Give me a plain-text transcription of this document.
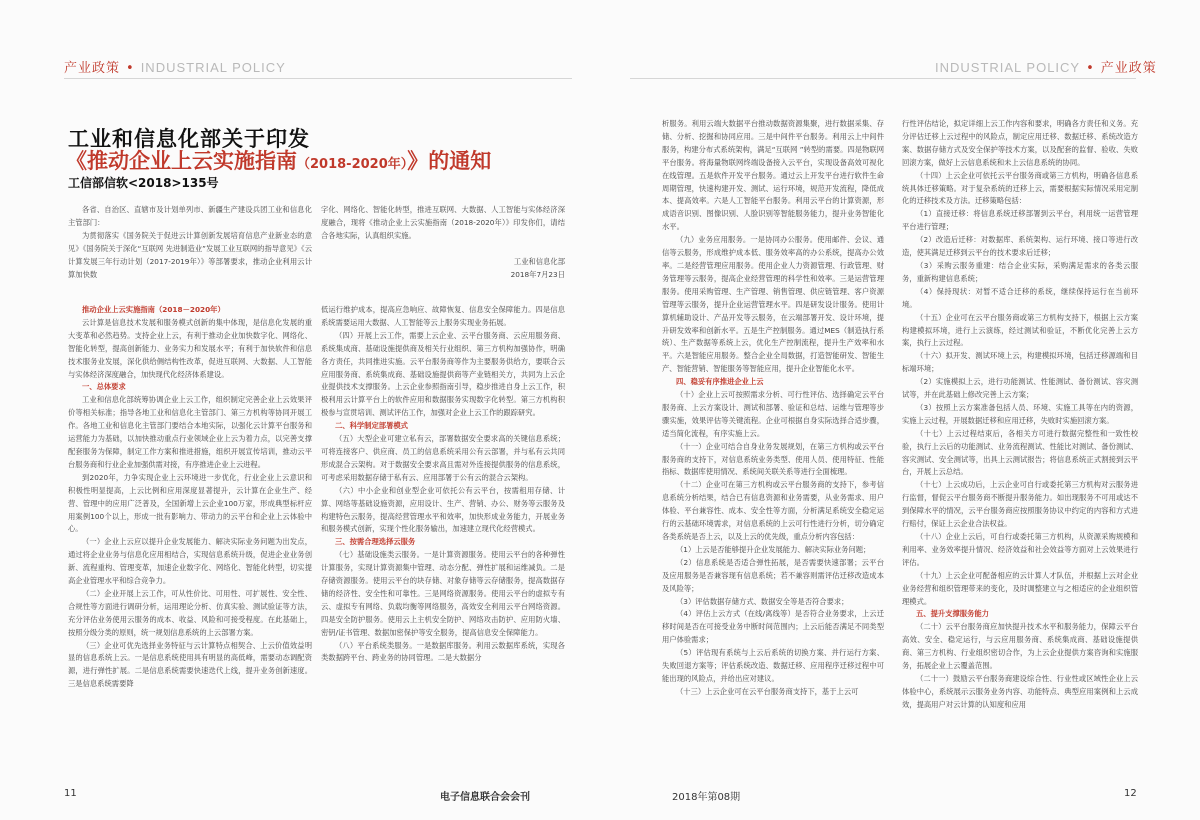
产业政策 • INDUSTRIAL POLICY
工业和信息化部关于印发
《推动企业上云实施指南（2018-2020年）》的通知
工信部信软<2018>135号

各省、自治区、直辖市及计划单列市、新疆生产建设兵团工业和信息化主管部门：

为贯彻落实《国务院关于促进云计算创新发展培育信息产业新业态的意见》《国务院关于深化“互联网 先进制造业”发展工业互联网的指导意见》《云计算发展三年行动计划（2017-2019年）》等部署要求，推动企业利用云计算加快数

字化、网络化、智能化转型，推进互联网、大数据、人工智能与实体经济深度融合，现将《推动企业上云实施指南（2018-2020年）》印发你们，请结合各地实际，认真组织实施。

工业和信息化部

2018年7月23日

推动企业上云实施指南（2018－2020年）

云计算是信息技术发展和服务模式创新的集中体现，是信息化发展的重大变革和必然趋势。支持企业上云，有利于推动企业加快数字化、网络化、智能化转型，提高创新能力、业务实力和发展水平；有利于加快软件和信息技术服务业发展，深化供给侧结构性改革，促进互联网、大数据、人工智能与实体经济深度融合，加快现代化经济体系建设。

一、总体要求

工业和信息化部统筹协调企业上云工作，组织制定完善企业上云效果评价等相关标准；指导各地工业和信息化主管部门、第三方机构等协同开展工作。各地工业和信息化主管部门要结合本地实际，以强化云计算平台服务和运营能力为基础，以加快推动重点行业领域企业上云为着力点，以完善支撑配套服务为保障，制定工作方案和推进措施，组织开展宣传培训，推动云平台服务商和行业企业加强供需对接，有序推进企业上云进程。

到2020年，力争实现企业上云环境进一步优化，行业企业上云意识和积极性明显提高，上云比例和应用深度显著提升，云计算在企业生产、经营、管理中的应用广泛普及，全国新增上云企业100万家，形成典型标杆应用案例100个以上，形成一批有影响力、带动力的云平台和企业上云体验中心。

（一）企业上云应以提升企业发展能力、解决实际业务问题为出发点，通过将企业业务与信息化应用相结合，实现信息系统升级，促进企业业务创新、流程重构、管理变革，加速企业数字化、网络化、智能化转型，切实提高企业管理水平和综合竞争力。

（二）企业开展上云工作，可从性价比、可用性、可扩展性、安全性、合规性等方面进行调研分析，运用理论分析、仿真实验、测试验证等方法，充分评估业务使用云服务的成本、收益、风险和可接受程度。在此基础上，按照分级分类的原则，统一规划信息系统的上云部署方案。

（三）企业可优先选择业务特征与云计算特点相契合、上云价值效益明显的信息系统上云。一是信息系统使用具有明显的高低峰，需要动态调配资源，进行弹性扩展。二是信息系统需要快速迭代上线，提升业务创新速度。三是信息系统需要降

低运行维护成本，提高应急响应、故障恢复、信息安全保障能力。四是信息系统需要运用大数据、人工智能等云上服务实现业务拓展。

（四）开展上云工作，需要上云企业、云平台服务商、云应用服务商、系统集成商、基础设施提供商及相关行业组织、第三方机构加强协作，明确各方责任，共同推进实施。云平台服务商等作为主要服务供给方，要联合云应用服务商、系统集成商、基础设施提供商等产业链相关方，共同为上云企业提供技术支撑服务。上云企业参照指南引导，稳步推进自身上云工作，积极利用云计算平台上的软件应用和数据服务实现数字化转型。第三方机构积极参与宣贯培训、测试评估工作，加强对企业上云工作的跟踪研究。

二、科学制定部署模式

（五）大型企业可建立私有云，部署数据安全要求高的关键信息系统；可将连接客户、供应商、员工的信息系统采用公有云部署，并与私有云共同形成混合云架构。对于数据安全要求高且需对外连接提供服务的信息系统，可考虑采用数据存储于私有云、应用部署于公有云的混合云架构。

（六）中小企业和创业型企业可依托公有云平台，按需租用存储、计算、网络等基础设施资源，应用设计、生产、营销、办公、财务等云服务及构建特色云服务，提高经营管理水平和效率，加快形成业务能力，开展业务和服务模式创新，实现个性化服务输出，加速建立现代化经营模式。

三、按需合理选择云服务

（七）基础设施类云服务。一是计算资源服务。使用云平台的各种弹性计算服务，实现计算资源集中管理、动态分配、弹性扩展和运维减负。二是存储资源服务。使用云平台的块存储、对象存储等云存储服务，提高数据存储的经济性、安全性和可靠性。三是网络资源服务。使用云平台的虚拟专有云、虚拟专有网络、负载均衡等网络服务，高效安全利用云平台网络资源。四是安全防护服务。使用云上主机安全防护、网络攻击防护、应用防火墙、密钥/证书管理、数据加密保护等安全服务，提高信息安全保障能力。

（八）平台系统类服务。一是数据库服务。利用云数据库系统，实现各类数据跨平台、跨业务的协同管理。二是大数据分

11	电子信息联合会会刊
INDUSTRIAL POLICY • 产业政策

析服务。利用云端大数据平台推动数据资源集聚，进行数据采集、存储、分析、挖掘和协同应用。三是中间件平台服务。利用云上中间件服务，构建分布式系统架构，满足“互联网 ”转型的需要。四是物联网平台服务。将海量物联网终端设备接入云平台，实现设备高效可视化在线管理。五是软件开发平台服务。通过云上开发平台进行软件生命周期管理，快速构建开发、测试、运行环境，规范开发流程，降低成本、提高效率。六是人工智能平台服务。利用云平台的计算资源，形成语音识别、图像识别、人脸识别等智能服务能力，提升业务智能化水平。

（九）业务应用服务。一是协同办公服务。使用邮件、会议、通信等云服务，形成维护成本低、服务效率高的办公系统，提高办公效率。二是经营管理应用服务。使用企业人力资源管理、行政管理、财务管理等云服务，提高企业经营管理的科学性和效率。三是运营管理服务。使用采购管理、生产管理、销售管理、供应链管理、客户资源管理等云服务，提升企业运营管理水平。四是研发设计服务。使用计算机辅助设计、产品开发等云服务，在云端部署开发、设计环境，提升研发效率和创新水平。五是生产控制服务。通过MES（制造执行系统）、生产数据等系统上云，优化生产控制流程，提升生产效率和水平。六是智能应用服务。整合企业全局数据，打造智能研发、智能生产、智能营销、智能服务等智能应用，提升企业智能化水平。

四、稳妥有序推进企业上云

（十）企业上云可按照需求分析、可行性评估、选择确定云平台服务商、上云方案设计、测试和部署、验证和总结、运维与管理等步骤实施，效果评估等关键流程。企业可根据自身实际选择合适步骤，适当简化流程，有序实施上云。

（十一）企业可结合自身业务发展规划，在第三方机构或云平台服务商的支持下，对信息系统业务类型、使用人员、使用特征、性能指标、数据库使用情况、系统间关联关系等进行全面梳理。

（十二）企业可在第三方机构或云平台服务商的支持下，参考信息系统分析结果，结合已有信息资源和业务需要，从业务需求、用户体验、平台兼容性、成本、安全性等方面，分析满足系统安全稳定运行的云基础环境需求，对信息系统的上云可行性进行分析，切分确定各类系统是否上云，以及上云的优先级，重点分析内容包括：

（1）上云是否能够提升企业发展能力、解决实际业务问题；

（2）信息系统是否适合弹性拓展，是否需要快速部署；云平台及应用服务是否兼容现有信息系统；若不兼容则需评估迁移改造成本及风险等；

（3）评估数据存储方式、数据安全等是否符合要求；

（4）评估上云方式（在线/离线等）是否符合业务要求，上云迁移时间是否在可接受业务中断时间范围内；上云后能否满足不同类型用户体验需求；

（5）评估现有系统与上云后系统的切换方案、并行运行方案、失败回退方案等；评估系统改造、数据迁移、应用程序迁移过程中可能出现的风险点，并给出应对建议。

（十三）上云企业可在云平台服务商支持下，基于上云可

行性评估结论，拟定详细上云工作内容和要求，明确各方责任和义务。充分评估迁移上云过程中的风险点，制定应用迁移、数据迁移、系统改造方案、数据存储方式及安全保护等技术方案，以及配套的监督、验收、失败回滚方案，做好上云信息系统和未上云信息系统的协同。

（十四）上云企业可依托云平台服务商或第三方机构，明确各信息系统具体迁移策略。对于复杂系统的迁移上云，需要根据实际情况采用定制化的迁移技术及方法。迁移策略包括：

（1）直接迁移：将信息系统迁移部署到云平台，利用统一运营管理平台进行管理；

（2）改造后迁移：对数据库、系统架构、运行环境、接口等进行改造，使其满足迁移到云平台的技术要求后迁移；

（3）采购云服务重建：结合企业实际，采购满足需求的各类云服务，重新构建信息系统；

（4）保持现状：对暂不适合迁移的系统，继续保持运行在当前环境。

（十五）企业可在云平台服务商或第三方机构支持下，根据上云方案构建模拟环境，进行上云演练，经过测试和验证，不断优化完善上云方案，执行上云过程。

（十六）拟开发、测试环境上云，构建模拟环境，包括迁移源端和目标端环境；

（2）实施模拟上云，进行功能测试、性能测试、备份测试、容灾测试等，并在此基础上修改完善上云方案；

（3）按照上云方案准备包括人员、环境、实施工具等在内的资源，实施上云过程，开展数据迁移和应用迁移，失败时实施回滚方案。

（十七）上云过程结束后，各相关方可进行数据完整性和一致性校验，执行上云后的功能测试、业务流程测试、性能比对测试、备份测试、容灾测试、安全测试等，出具上云测试报告；将信息系统正式割接到云平台，开展上云总结。

（十七）上云成功后，上云企业可自行或委托第三方机构对云服务进行监督，督促云平台服务商不断提升服务能力。如出现服务不可用或达不到保障水平的情况，云平台服务商应按照服务协议中约定的内容和方式进行赔付，保证上云企业合法权益。

（十八）企业上云后，可自行或委托第三方机构，从资源采购规模和利用率、业务效率提升情况、经济效益和社会效益等方面对上云效果进行评估。

（十九）上云企业可配备相应的云计算人才队伍，并根据上云对企业业务经营和组织管理带来的变化，及时调整建立与之相适应的企业组织管理模式。

五、提升支撑服务能力

（二十）云平台服务商应加快提升技术水平和服务能力，保障云平台高效、安全、稳定运行，与云应用服务商、系统集成商、基础设施提供商、第三方机构、行业组织密切合作，为上云企业提供方案咨询和实施服务，拓展企业上云覆盖范围。

（二十一）鼓励云平台服务商建设综合性、行业性或区域性企业上云体验中心，系统展示云服务业务内容、功能特点、典型应用案例和上云成效，提高用户对云计算的认知度和应用

2018年第08期	12
